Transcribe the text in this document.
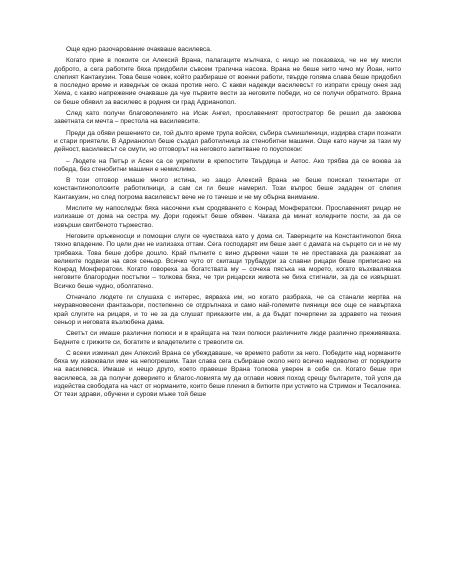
Още едно разочарование очакваше василевса.

Когато прие в покоите си Алексий Врана, палагаците мълчаха, с нищо не показваха, че не му мисли доброто, а сега работите бяха придобили съвсем трагична насока. Врана не беше нито чичо му Йоан, нито слепият Кантакузин. Това беше човек, който разбираше от военни работи, твърде голяма слава беше придобил в последно време и изведнъж се оказа против него. С какви надежди василевсът го изпрати срещу онея зад Хема, с какво напрежение очакваше да чуе първите вести за неговите победи, но се получи обратното. Врана се беше обявил за василевс в родния си град Адрианопол.

След като получи благоволението на Исак Ангел, прославеният протостратор бе решил да завоюва заветната си мечта – престола на василевсите.

Преди да обяви решението си, той дълго време трупа войски, събира съмишленици, издирва стари познати и стари приятели. В Адрианопол беше създал работилница за стенобитни машини. Още като научи за тази му дейност, василевсът се смути, но отговорът на неговото запитване го поуспокои:

– Людете на Петър и Асен са се укрепили в крепостите Твърдица и Аетос. Ако трябва да се воюва за победа, без стенобитни машини е немислимо.

В този отговор имаше много истина, но защо Алексий Врана не беше поискал технитари от константинополските работилници, а сам си ги беше намерил. Този въпрос беше зададен от слепия Кантакузин, но след погрома василевсът вече не го тачеше и не му обърна внимание.

Мислите му напоследък бяха насочени към сродяването с Конрад Монфератски. Прославеният рицар не излизаше от дома на сестра му. Дори годежът беше обявен. Чакаха да минат коледните пости, за да се извърши свитбеното тържество.

Неговите оръженосци и помощни слуги се чувстваха като у дома си. Тавернците на Константинопол бяха тяхно владение. По цели дни не излизаха оттам. Сега господарят им беше зает с дамата на сърцето си и не му трябваха. Това беше добре дошло. Край пълните с вино дървени чаши те не преставаха да разказват за великите подвизи на своя сеньор. Всичко чуто от скитащи трубадури за славни рицари беше приписано на Конрад Монфератски. Когато говореха за богатствата му – сочеха пясъка на морето, когато възхваляваха неговите благородни постъпки – толкова бяха, че три рицарски живота не биха стигнали, за да се извършат. Всичко беше чудно, оболгатено.

Отначало людете ги слушаха с интерес, вярваха им, но когато разбраха, че са станали жертва на неуравновесени фантазьори, постепенно се отдръпнаха и само най-големите пияници все още се навъртаха край слугите на рицаря, и то не за да слушат приказките им, а да бъдат почерпени за здравето на техния сеньор и неговата възлюбена дама.

Светът си имаше различни полюси и в крайщата на тези полюси различните люде различно преживяваха. Бедните с грижите си, богатите и владетелите с тревогите си.

С всеки изминал ден Алексий Врана се убеждаваше, че времето работи за него. Победите над норманите бяха му извоювали име на непогрешим. Тази слава сега събираше около него всичко недоволно от порядките на василевса. Имаше и нещо друго, което правеше Врана толкова уверен в себе си. Когато беше при василевса, за да получи доверието и благос-ловията му да оглави новия поход срещу българите, той успя да издейства свободата на част от норманите, които беше пленил в битките при устието на Стримон и Тесалоника. От тези здрави, обучени и сурови мъже той беше
